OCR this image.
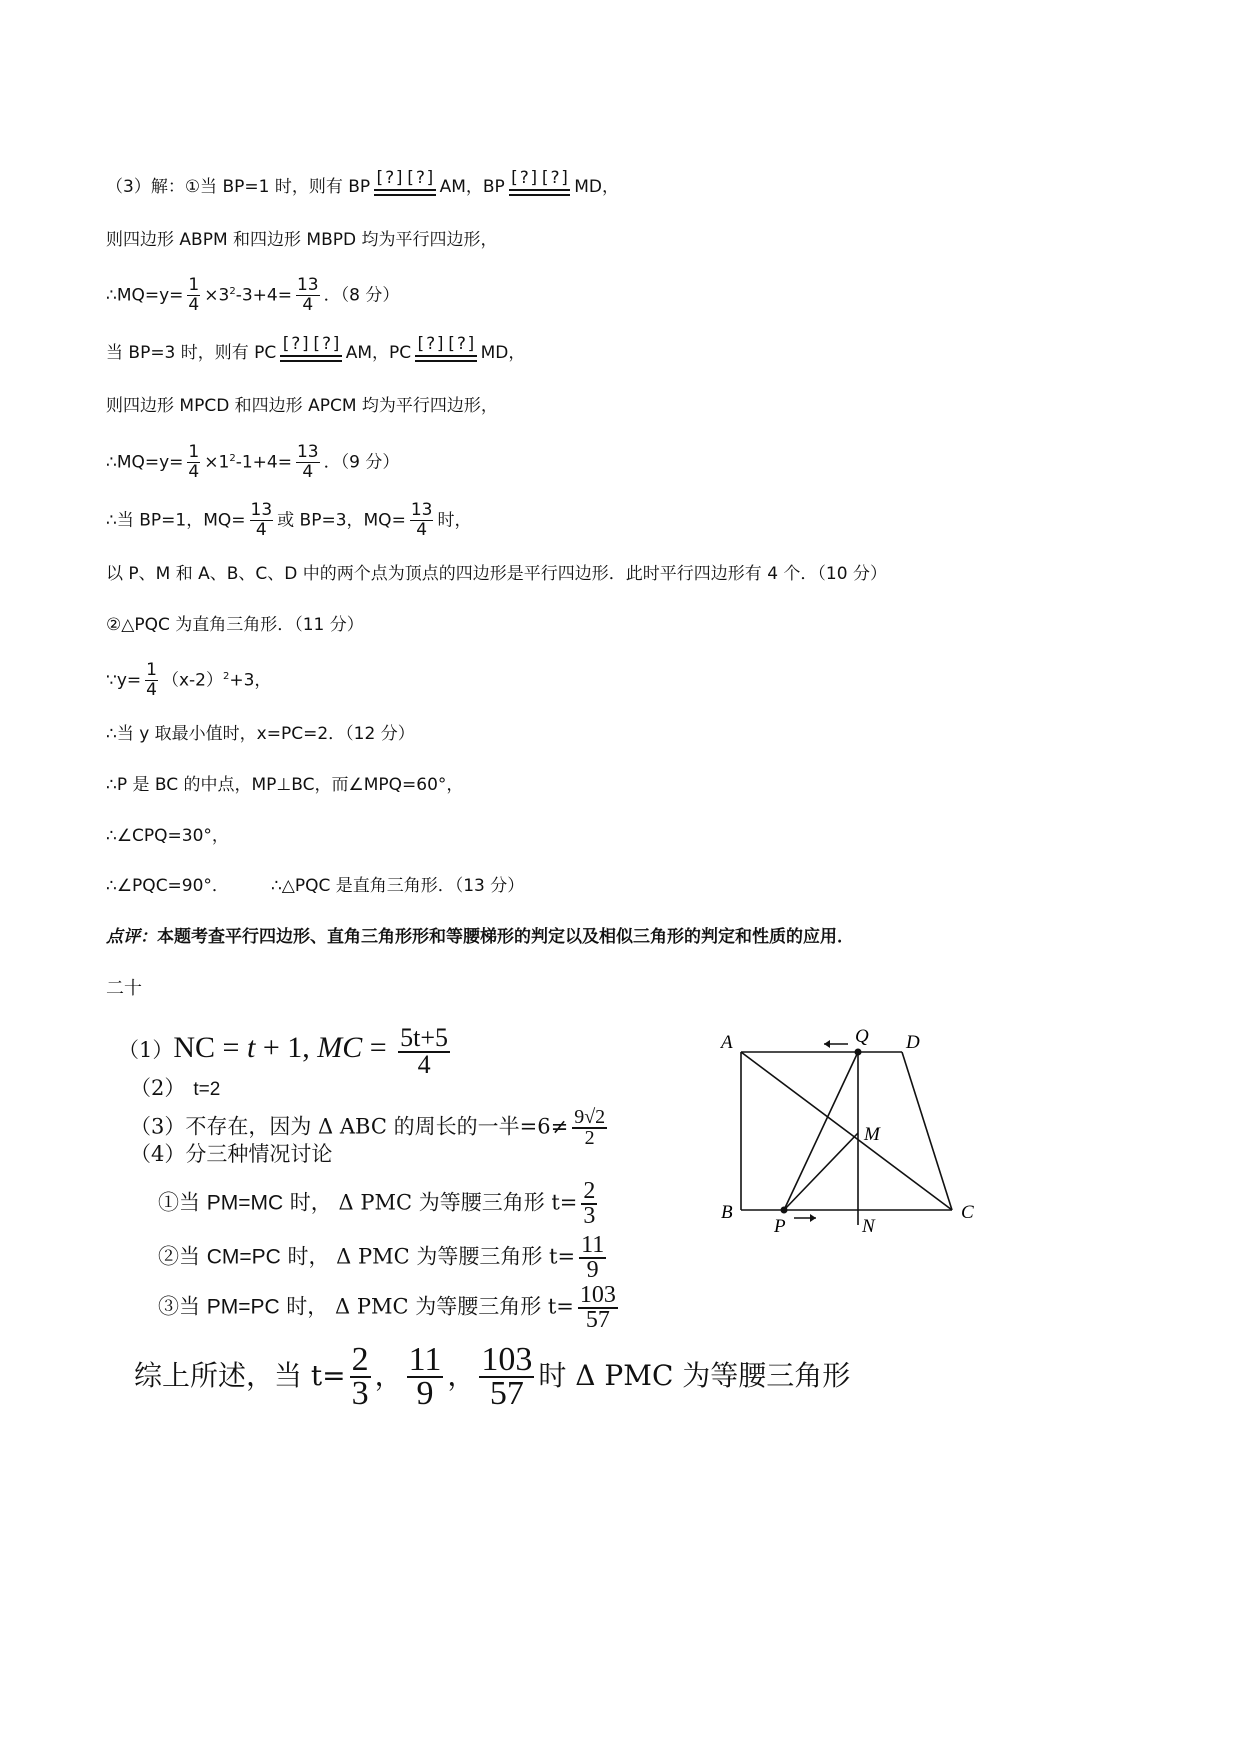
（3）解：①当 BP=1 时，则有 BP [?][?] AM，BP [?][?] MD，
则四边形 ABPM 和四边形 MBPD 均为平行四边形，
∴MQ=y= $\frac{1}{4} \times 3^2-3+4= \frac{13}{4}$ ．（8 分）
当 BP=3 时，则有 PC [?][?] AM，PC [?][?] MD，
则四边形 MPCD 和四边形 APCM 均为平行四边形，
∴MQ=y= $\frac{1}{4} \times 1^2-1+4= \frac{13}{4}$ ．（9 分）
∴当 BP=1，$MQ= \frac{13}{4}$ 或 BP=3，$MQ= \frac{13}{4}$ 时，
以 P、M 和 A、B、C、D 中的两个点为顶点的四边形是平行四边形．此时平行四边形有 4 个．（10 分）
②△PQC 为直角三角形．（11 分）
∵y= $\frac{1}{4} (x-2)^2+3$，
∴当 y 取最小值时，x=PC=2．（12 分）
∴P 是 BC 的中点，MP⊥BC，而∠MPQ=60°，
∴∠CPQ=30°，
∴∠PQC=90°． ∴△PQC 是直角三角形．（13 分）
点评：本题考查平行四边形、直角三角形形和等腰梯形的判定以及相似三角形的判定和性质的应用．
二十
（1）NC = t + 1, MC = $\frac{5t+5}{4}$
（2） t=2
（3）不存在，因为 Δ ABC 的周长的一半$=6\ne \frac{9√2}{2}$
（4）分三种情况讨论
①当 PM=MC 时， Δ PMC 为等腰三角形 $t= \frac{2}{3}$
②当 CM=PC 时， Δ PMC 为等腰三角形 $t= \frac{11}{9}$
③当 PM=PC 时， Δ PMC 为等腰三角形 $t= \frac{103}{57}$
综上所述，当 $t= \frac{2}{3}$ ， $\frac{11}{9}$ ， $\frac{103}{57}$ 时 Δ PMC 为等腰三角形
A	Q D
M
B
P	N
C
